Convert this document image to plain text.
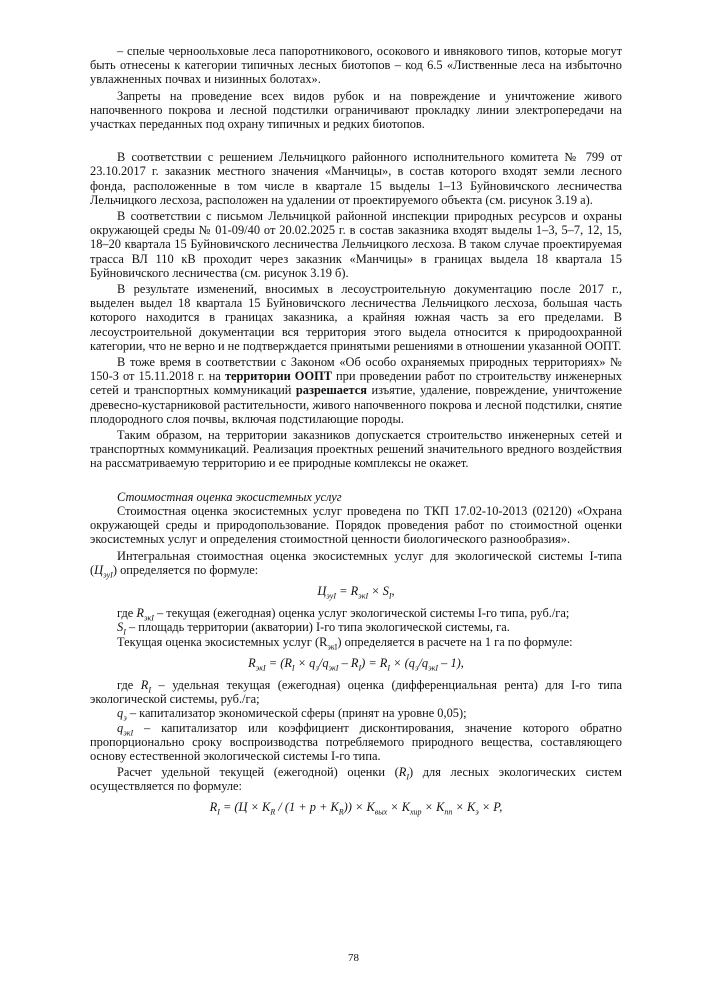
– спелые черноольховые леса папоротникового, осокового и ивнякового типов, которые могут быть отнесены к категории типичных лесных биотопов – код 6.5 «Лиственные леса на избыточно увлажненных почвах и низинных болотах».

Запреты на проведение всех видов рубок и на повреждение и уничтожение живого напочвенного покрова и лесной подстилки ограничивают прокладку линии электропередачи на участках переданных под охрану типичных и редких биотопов.

В соответствии с решением Лельчицкого районного исполнительного комитета № 799 от 23.10.2017 г. заказник местного значения «Манчицы», в состав которого входят земли лесного фонда, расположенные в том числе в квартале 15 выделы 1–13 Буйновичского лесничества Лельчицкого лесхоза, расположен на удалении от проектируемого объекта (см. рисунок 3.19 а).

В соответствии с письмом Лельчицкой районной инспекции природных ресурсов и охраны окружающей среды № 01-09/40 от 20.02.2025 г. в состав заказника входят выделы 1–3, 5–7, 12, 15, 18–20 квартала 15 Буйновичского лесничества Лельчицкого лесхоза. В таком случае проектируемая трасса ВЛ 110 кВ проходит через заказник «Манчицы» в границах выдела 18 квартала 15 Буйновичского лесничества (см. рисунок 3.19 б).

В результате изменений, вносимых в лесоустроительную документацию после 2017 г., выделен выдел 18 квартала 15 Буйновичского лесничества Лельчицкого лесхоза, большая часть которого находится в границах заказника, а крайняя южная часть за его пределами. В лесоустроительной документации вся территория этого выдела относится к природоохранной категории, что не верно и не подтверждается принятыми решениями в отношении указанной ООПТ.

В тоже время в соответствии с Законом «Об особо охраняемых природных территориях» № 150-З от 15.11.2018 г. на территории ООПТ при проведении работ по строительству инженерных сетей и транспортных коммуникаций разрешается изъятие, удаление, повреждение, уничтожение древесно-кустарниковой растительности, живого напочвенного покрова и лесной подстилки, снятие плодородного слоя почвы, включая подстилающие породы.

Таким образом, на территории заказников допускается строительство инженерных сетей и транспортных коммуникаций. Реализация проектных решений значительного вредного воздействия на рассматриваемую территорию и ее природные комплексы не окажет.

Стоимостная оценка экосистемных услуг

Стоимостная оценка экосистемных услуг проведена по ТКП 17.02-10-2013 (02120) «Охрана окружающей среды и природопользование. Порядок проведения работ по стоимостной оценки экосистемных услуг и определения стоимостной ценности биологического разнообразия».

Интегральная стоимостная оценка экосистемных услуг для экологической системы I-типа $(Ц_{эуI})$ определяется по формуле:

$Ц_{эуI} = R_{экI} \times S_I$,

где $R_{экI}$ – текущая (ежегодная) оценка услуг экологической системы I-го типа, руб./га;

$S_I$ – площадь территории (акватории) I-го типа экологической системы, га.

Текущая оценка экосистемных услуг $(R_{экI})$ определяется в расчете на 1 га по формуле:

$R_{экI} = (R_I \times q_э/q_{экI} - R_I) = R_I \times (q_э/q_{экI} - 1)$,

где $R_I$ – удельная текущая (ежегодная) оценка (дифференциальная рента) для I-го типа экологической системы, руб./га;

$q_э$ – капитализатор экономической сферы (принят на уровне 0,05);

$q_{экI}$ – капитализатор или коэффициент дисконтирования, значение которого обратно пропорционально сроку воспроизводства потребляемого природного вещества, составляющего основу естественной экологической системы I-го типа.

Расчет удельной текущей (ежегодной) оценки $(R_I)$ для лесных экологических систем осуществляется по формуле:

$R_I = (Ц \times K_R / (1 + p + K_R)) \times K_{вых} \times K_{хиp} \times K_{пп} \times K_э \times P$,

78
